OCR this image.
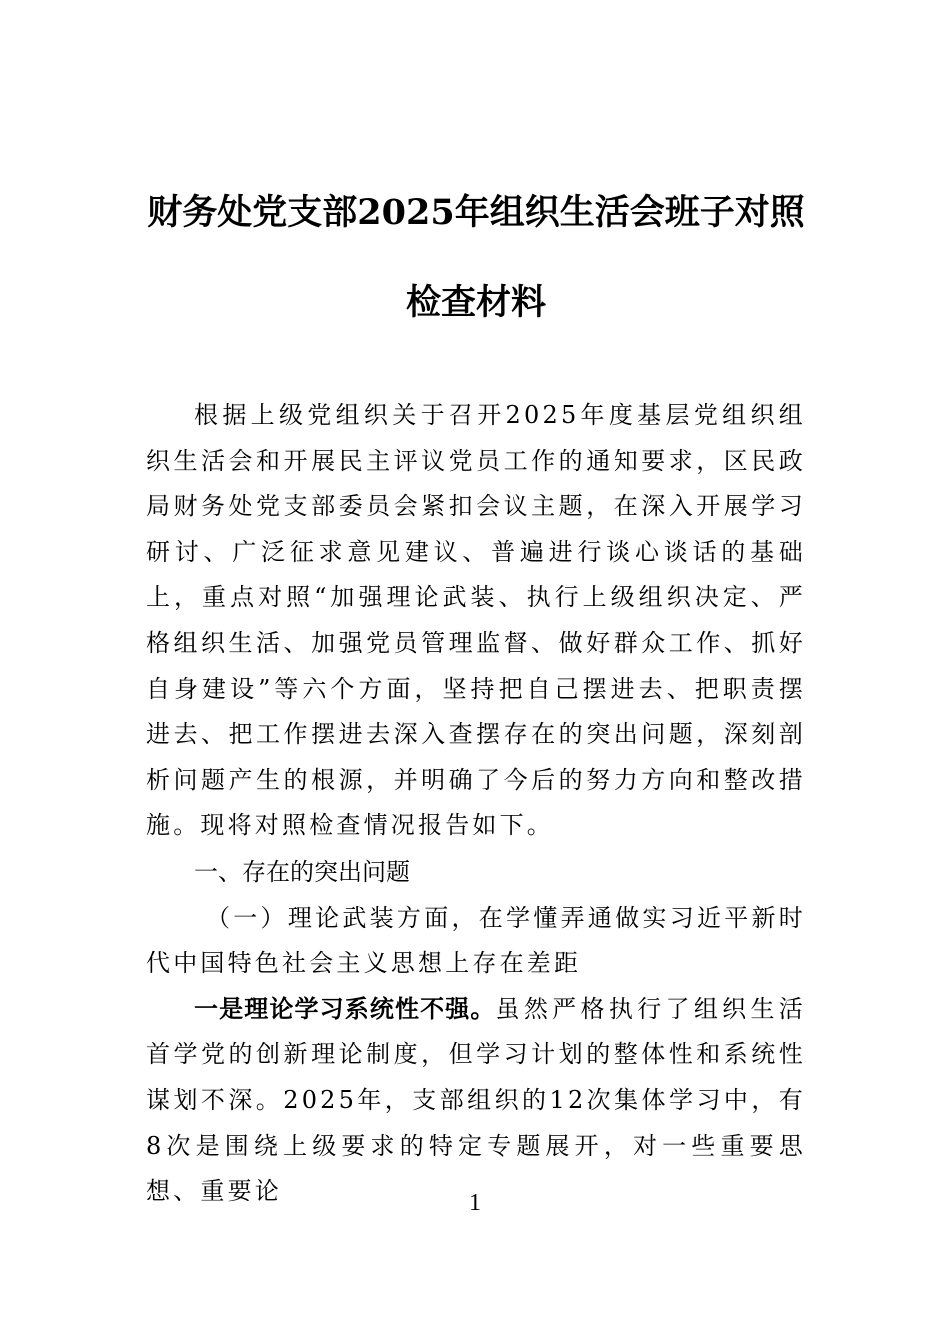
财务处党支部2025年组织生活会班子对照
检查材料

根据上级党组织关于召开2025年度基层党组织组织生活会和开展民主评议党员工作的通知要求，区民政局财务处党支部委员会紧扣会议主题，在深入开展学习研讨、广泛征求意见建议、普遍进行谈心谈话的基础上，重点对照“加强理论武装、执行上级组织决定、严格组织生活、加强党员管理监督、做好群众工作、抓好自身建设”等六个方面，坚持把自己摆进去、把职责摆进去、把工作摆进去深入查摆存在的突出问题，深刻剖析问题产生的根源，并明确了今后的努力方向和整改措施。现将对照检查情况报告如下。

一、存在的突出问题

（一）理论武装方面，在学懂弄通做实习近平新时代中国特色社会主义思想上存在差距

一是理论学习系统性不强。虽然严格执行了组织生活首学党的创新理论制度，但学习计划的整体性和系统性谋划不深。2025年，支部组织的12次集体学习中，有8次是围绕上级要求的特定专题展开，对一些重要思想、重要论	1
